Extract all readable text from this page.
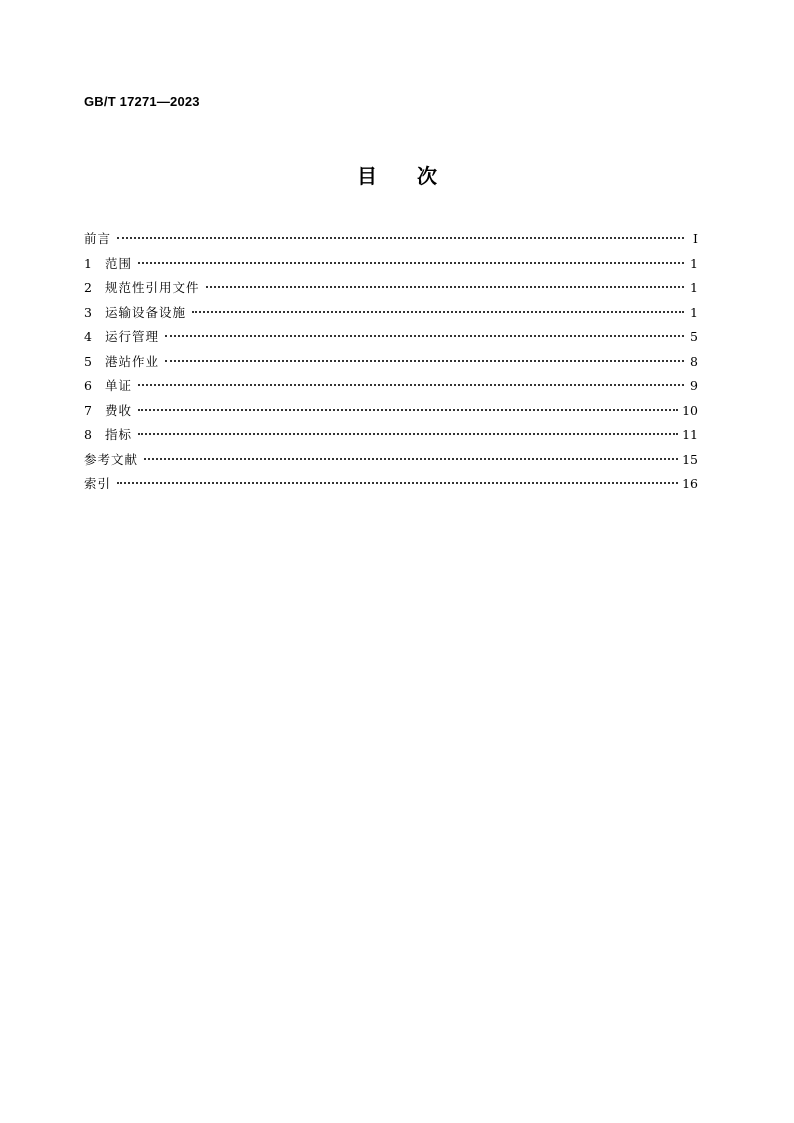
GB/T 17271—2023
目 次
前言	I
1	范围	1
2	规范性引用文件	1
3	运输设备设施	1
4	运行管理	5
5	港站作业	8
6	单证	9
7	费收	10
8	指标	11
参考文献	15
索引	16
